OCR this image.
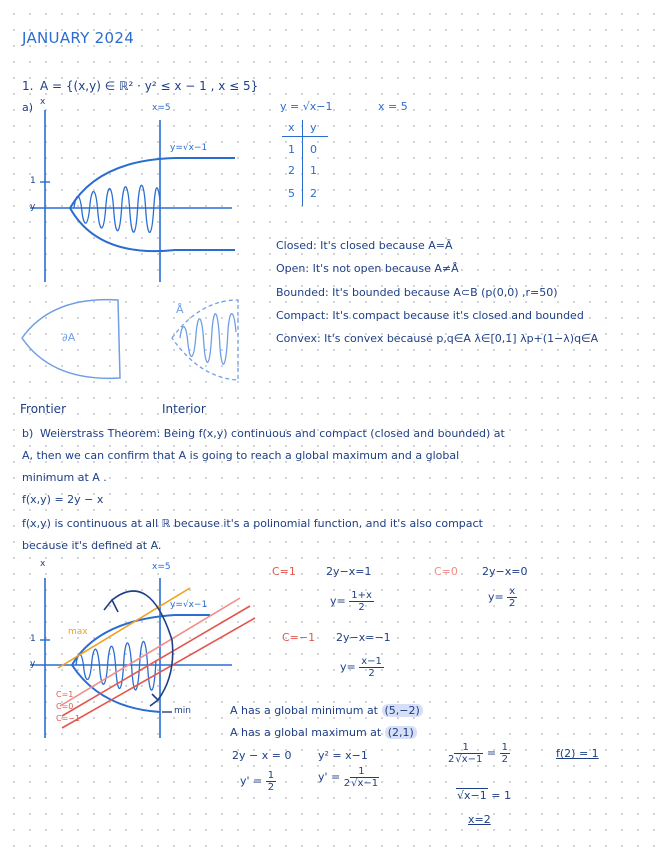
JANUARY 2024
1. A = {(x,y) ∈ ℝ² · y² ≤ x − 1 , x ≤ 5}
a) x
x=5
y=√x−1
1
y
y = √x−1	x = 5
x y
1 0
2 1
5 2
Closed: It's closed because A=Ā
Open: It's not open because A≠Å
Bounded: It's bounded because A⊂B (p(0,0) ,r=50)
Compact: It's compact because it's closed and bounded
Convex: It's convex because p,q∈A λ∈[0,1] λp+(1−λ)q∈A
∂A
Å
Frontier	Interior
b) Weierstrass Theorem: Being f(x,y) continuous and compact (closed and bounded) at
A, then we can confirm that A is going to reach a global maximum and a global
minimum at A .
f(x,y) = 2y − x
f(x,y) is continuous at all ℝ because it's a polinomial function, and it's also compact
because it's defined at A.
x	x=5
y=√x−1
1
y
max
min
C=1
C=0
C=−1
C=1	2y−x=1
$y= \frac{1+x}{2}$
C=0 2y−x=0
$y= \frac{x}{2}$
C=−1 2y−x=−1
$y= \frac{x-1}{2}$
A has a global minimum at (5,−2)
A has a global maximum at (2,1)
2y − x = 0 y² = x−1
$y' = \frac{1}{2}$	$y' = \frac{1}{2√x-1}$
$\frac{1}{2√x-1} = \frac{1}{2}$	f(2) = 1
√x−1 = 1
x=2
